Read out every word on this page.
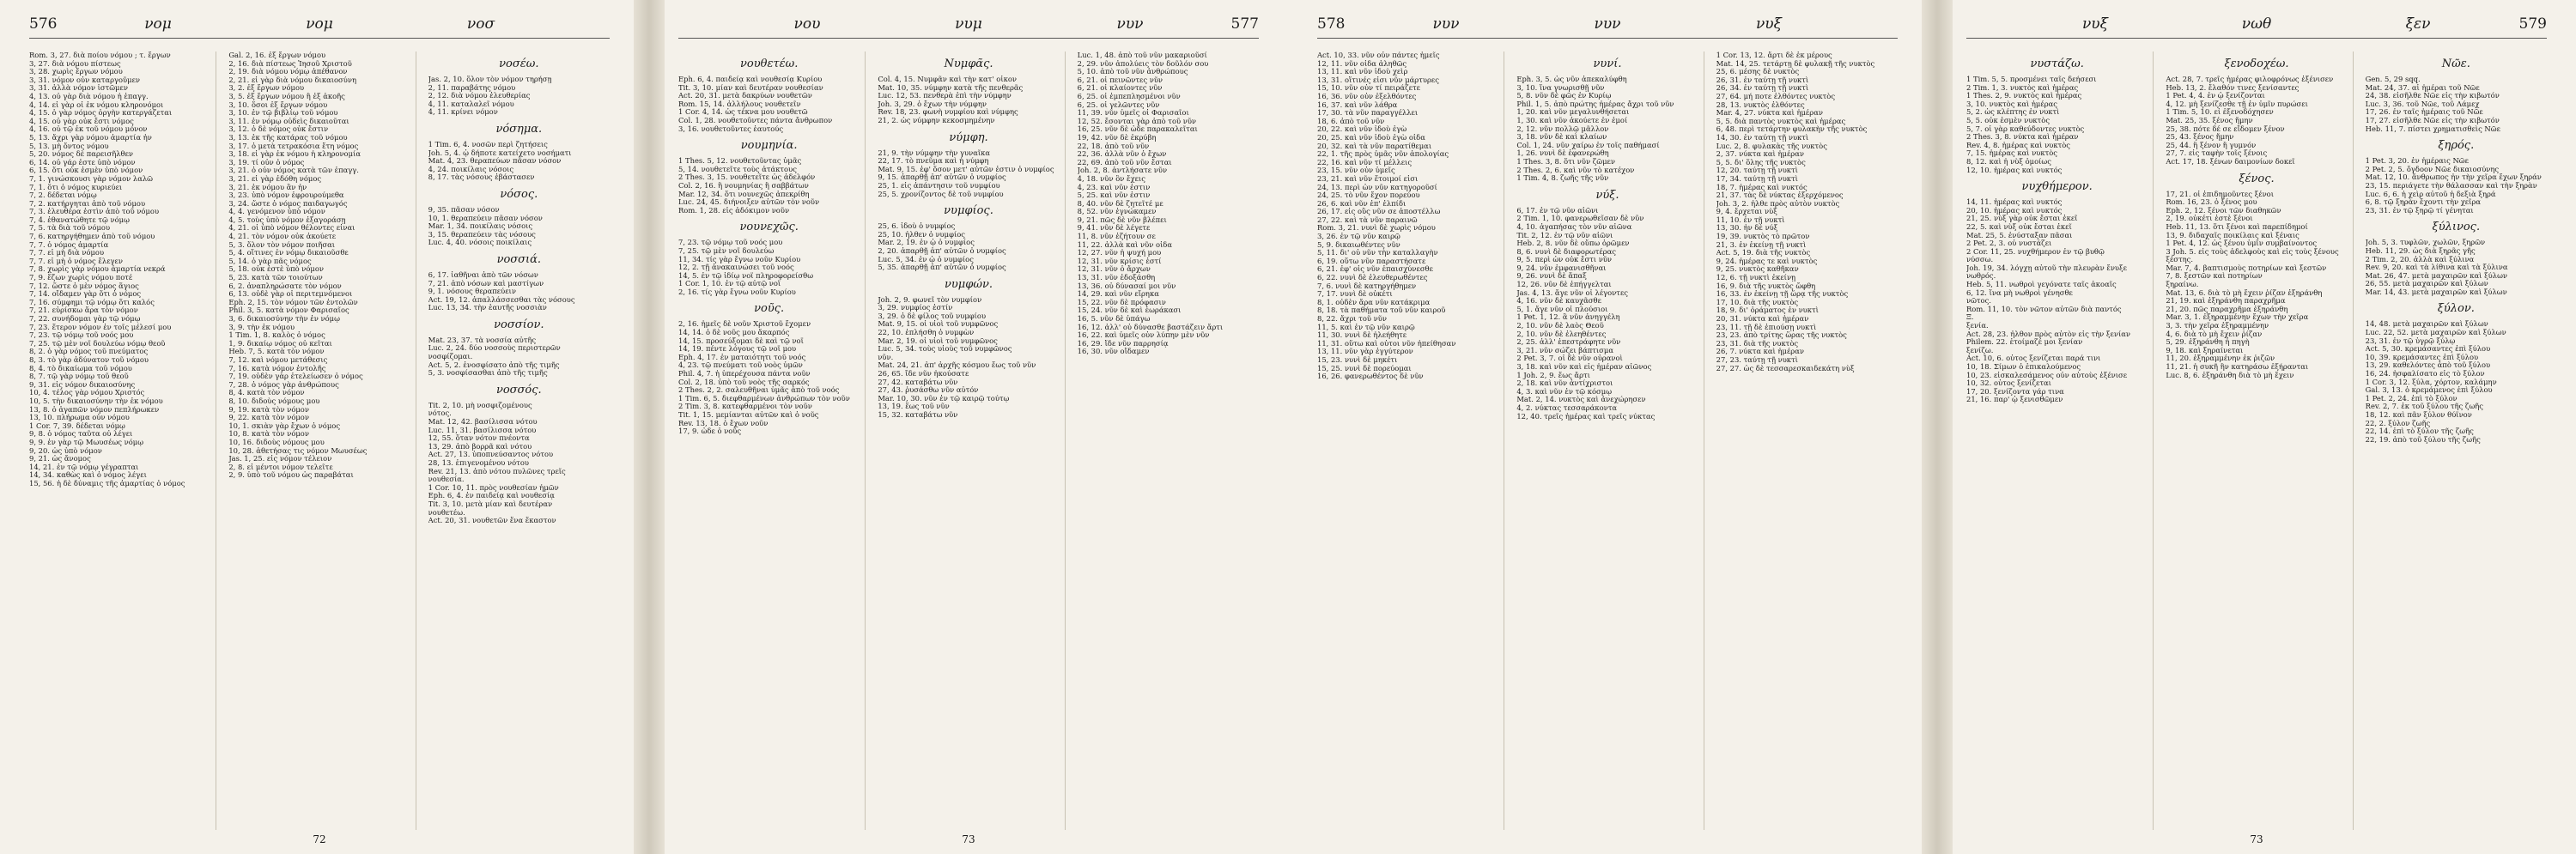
576	νομ	νομ	νοσ

Rom. 3, 27. διὰ ποίου νόμου ; τ. ἔργων

3, 27. διὰ νόμου πίστεως

3, 28. χωρὶς ἔργων νόμου

3, 31. νόμον οὖν καταργοῦμεν

3, 31. ἀλλὰ νόμον ἱστῶμεν

4, 13. οὐ γὰρ διὰ νόμου ἡ ἐπαγγ.

4, 14. εἰ γὰρ οἱ ἐκ νόμου κληρονόμοι

4, 15. ὁ γὰρ νόμος ὀργὴν κατεργάζεται

4, 15. οὗ γὰρ οὐκ ἔστι νόμος

4, 16. οὐ τῷ ἐκ τοῦ νόμου μόνον

5, 13. ἄχρι γὰρ νόμου ἁμαρτία ἦν

5, 13. μὴ ὄντος νόμου

5, 20. νόμος δὲ παρεισῆλθεν

6, 14. οὐ γάρ ἐστε ὑπὸ νόμον

6, 15. ὅτι οὐκ ἐσμὲν ὑπὸ νόμον

7, 1. γινώσκουσι γὰρ νόμον λαλῶ

7, 1. ὅτι ὁ νόμος κυριεύει

7, 2. δέδεται νόμῳ

7, 2. κατήργηται ἀπὸ τοῦ νόμου

7, 3. ἐλευθέρα ἐστὶν ἀπὸ τοῦ νόμου

7, 4. ἐθανατώθητε τῷ νόμῳ

7, 5. τὰ διὰ τοῦ νόμου

7, 6. κατηργήθημεν ἀπὸ τοῦ νόμου

7, 7. ὁ νόμος ἁμαρτία

7, 7. εἰ μὴ διὰ νόμου

7, 7. εἰ μὴ ὁ νόμος ἔλεγεν

7, 8. χωρὶς γὰρ νόμου ἁμαρτία νεκρά

7, 9. ἔζων χωρὶς νόμου ποτέ

7, 12. ὥστε ὁ μὲν νόμος ἅγιος

7, 14. οἴδαμεν γὰρ ὅτι ὁ νόμος

7, 16. σύμφημι τῷ νόμῳ ὅτι καλός

7, 21. εὑρίσκω ἄρα τὸν νόμον

7, 22. συνήδομαι γὰρ τῷ νόμῳ

7, 23. ἕτερον νόμον ἐν τοῖς μέλεσί μου

7, 23. τῷ νόμῳ τοῦ νοός μου

7, 25. τῷ μὲν νοῒ δουλεύω νόμῳ θεοῦ

8, 2. ὁ γὰρ νόμος τοῦ πνεύματος

8, 3. τὸ γὰρ ἀδύνατον τοῦ νόμου

8, 4. τὸ δικαίωμα τοῦ νόμου

8, 7. τῷ γὰρ νόμῳ τοῦ θεοῦ

9, 31. εἰς νόμον δικαιοσύνης

10, 4. τέλος γὰρ νόμου Χριστός

10, 5. τὴν δικαιοσύνην τὴν ἐκ νόμου

13, 8. ὁ ἀγαπῶν νόμον πεπλήρωκεν

13, 10. πλήρωμα οὖν νόμου

1 Cor. 7, 39. δέδεται νόμῳ

9, 8. ὁ νόμος ταῦτα οὐ λέγει

9, 9. ἐν γὰρ τῷ Μωυσέως νόμῳ

9, 20. ὡς ὑπὸ νόμον

9, 21. ὡς ἄνομος

14, 21. ἐν τῷ νόμῳ γέγραπται

14, 34. καθὼς καὶ ὁ νόμος λέγει

15, 56. ἡ δὲ δύναμις τῆς ἁμαρτίας ὁ νόμος

Gal. 2, 16. ἐξ ἔργων νόμου

2, 16. διὰ πίστεως Ἰησοῦ Χριστοῦ

2, 19. διὰ νόμου νόμῳ ἀπέθανον

2, 21. εἰ γὰρ διὰ νόμου δικαιοσύνη

3, 2. ἐξ ἔργων νόμου

3, 5. ἐξ ἔργων νόμου ἢ ἐξ ἀκοῆς

3, 10. ὅσοι ἐξ ἔργων νόμου

3, 10. ἐν τῷ βιβλίῳ τοῦ νόμου

3, 11. ἐν νόμῳ οὐδεὶς δικαιοῦται

3, 12. ὁ δὲ νόμος οὐκ ἔστιν

3, 13. ἐκ τῆς κατάρας τοῦ νόμου

3, 17. ὁ μετὰ τετρακόσια ἔτη νόμος

3, 18. εἰ γὰρ ἐκ νόμου ἡ κληρονομία

3, 19. τί οὖν ὁ νόμος

3, 21. ὁ οὖν νόμος κατὰ τῶν ἐπαγγ.

3, 21. εἰ γὰρ ἐδόθη νόμος

3, 21. ἐκ νόμου ἂν ἦν

3, 23. ὑπὸ νόμον ἐφρουρούμεθα

3, 24. ὥστε ὁ νόμος παιδαγωγός

4, 4. γενόμενον ὑπὸ νόμον

4, 5. τοὺς ὑπὸ νόμον ἐξαγοράσῃ

4, 21. οἱ ὑπὸ νόμον θέλοντες εἶναι

4, 21. τὸν νόμον οὐκ ἀκούετε

5, 3. ὅλον τὸν νόμον ποιῆσαι

5, 4. οἵτινες ἐν νόμῳ δικαιοῦσθε

5, 14. ὁ γὰρ πᾶς νόμος

5, 18. οὐκ ἐστὲ ὑπὸ νόμον

5, 23. κατὰ τῶν τοιούτων

6, 2. ἀναπληρώσατε τὸν νόμον

6, 13. οὐδὲ γὰρ οἱ περιτεμνόμενοι

Eph. 2, 15. τὸν νόμον τῶν ἐντολῶν

Phil. 3, 5. κατὰ νόμον Φαρισαῖος

3, 6. δικαιοσύνην τὴν ἐν νόμῳ

3, 9. τὴν ἐκ νόμου

1 Tim. 1, 8. καλὸς ὁ νόμος

1, 9. δικαίῳ νόμος οὐ κεῖται

Heb. 7, 5. κατὰ τὸν νόμον

7, 12. καὶ νόμου μετάθεσις

7, 16. κατὰ νόμον ἐντολῆς

7, 19. οὐδὲν γὰρ ἐτελείωσεν ὁ νόμος

7, 28. ὁ νόμος γὰρ ἀνθρώπους

8, 4. κατὰ τὸν νόμον

8, 10. διδοὺς νόμους μου

9, 19. κατὰ τὸν νόμον

9, 22. κατὰ τὸν νόμον

10, 1. σκιὰν γὰρ ἔχων ὁ νόμος

10, 8. κατὰ τὸν νόμον

10, 16. διδοὺς νόμους μου

10, 28. ἀθετήσας τις νόμον Μωυσέως

Jas. 1, 25. εἰς νόμον τέλειον

2, 8. εἰ μέντοι νόμον τελεῖτε

2, 9. ὑπὸ τοῦ νόμου ὡς παραβάται

νοσέω.

Jas. 2, 10. ὅλον τὸν νόμον τηρήσῃ

2, 11. παραβάτης νόμου

2, 12. διὰ νόμου ἐλευθερίας

4, 11. καταλαλεῖ νόμου

4, 11. κρίνει νόμον

νόσημα.

1 Tim. 6, 4. νοσῶν περὶ ζητήσεις

Joh. 5, 4. ᾧ δήποτε κατείχετο νοσήματι

Mat. 4, 23. θεραπεύων πᾶσαν νόσον

4, 24. ποικίλαις νόσοις

8, 17. τὰς νόσους ἐβάστασεν

νόσος.

9, 35. πᾶσαν νόσον

10, 1. θεραπεύειν πᾶσαν νόσον

Mar. 1, 34. ποικίλαις νόσοις

3, 15. θεραπεύειν τὰς νόσους

Luc. 4, 40. νόσοις ποικίλαις

νοσσιά.

6, 17. ἰαθῆναι ἀπὸ τῶν νόσων

7, 21. ἀπὸ νόσων καὶ μαστίγων

9, 1. νόσους θεραπεύειν

Act. 19, 12. ἀπαλλάσσεσθαι τὰς νόσους

Luc. 13, 34. τὴν ἑαυτῆς νοσσιὰν

νοσσίον.

Mat. 23, 37. τὰ νοσσία αὐτῆς

Luc. 2, 24. δύο νοσσοὺς περιστερῶν

νοσφίζομαι.

Act. 5, 2. ἐνοσφίσατο ἀπὸ τῆς τιμῆς

5, 3. νοσφίσασθαι ἀπὸ τῆς τιμῆς

νοσσός.

Tit. 2, 10. μὴ νοσφιζομένους

νότος.

Mat. 12, 42. βασίλισσα νότου

Luc. 11, 31. βασίλισσα νότου

12, 55. ὅταν νότον πνέοντα

13, 29. ἀπὸ βορρᾶ καὶ νότου

Act. 27, 13. ὑποπνεύσαντος νότου

28, 13. ἐπιγενομένου νότου

Rev. 21, 13. ἀπὸ νότου πυλῶνες τρεῖς

νουθεσία.

1 Cor. 10, 11. πρὸς νουθεσίαν ἡμῶν

Eph. 6, 4. ἐν παιδείᾳ καὶ νουθεσίᾳ

Tit. 3, 10. μετὰ μίαν καὶ δευτέραν

νουθετέω.

Act. 20, 31. νουθετῶν ἕνα ἕκαστον

72
577
νου	νυμ	νυν
νουθετέω.

Eph. 6, 4. παιδείᾳ καὶ νουθεσίᾳ Κυρίου

Tit. 3, 10. μίαν καὶ δευτέραν νουθεσίαν

Act. 20, 31. μετὰ δακρύων νουθετῶν

Rom. 15, 14. ἀλλήλους νουθετεῖν

1 Cor. 4, 14. ὡς τέκνα μου νουθετῶ

Col. 1, 28. νουθετοῦντες πάντα ἄνθρωπον

3, 16. νουθετοῦντες ἑαυτούς

νουμηνία.

1 Thes. 5, 12. νουθετοῦντας ὑμᾶς

5, 14. νουθετεῖτε τοὺς ἀτάκτους

2 Thes. 3, 15. νουθετεῖτε ὡς ἀδελφόν

Col. 2, 16. ἢ νουμηνίας ἢ σαββάτων

Mar. 12, 34. ὅτι νουνεχῶς ἀπεκρίθη

Luc. 24, 45. διήνοιξεν αὐτῶν τὸν νοῦν

Rom. 1, 28. εἰς ἀδόκιμον νοῦν

νουνεχῶς.

7, 23. τῷ νόμῳ τοῦ νοός μου

7, 25. τῷ μὲν νοῒ δουλεύω

11, 34. τίς γὰρ ἔγνω νοῦν Κυρίου

12, 2. τῇ ἀνακαινώσει τοῦ νοός

14, 5. ἐν τῷ ἰδίῳ νοῒ πληροφορείσθω

1 Cor. 1, 10. ἐν τῷ αὐτῷ νοΐ

2, 16. τίς γὰρ ἔγνω νοῦν Κυρίου

νοῦς.

2, 16. ἡμεῖς δὲ νοῦν Χριστοῦ ἔχομεν

14, 14. ὁ δὲ νοῦς μου ἄκαρπός

14, 15. προσεύξομαι δὲ καὶ τῷ νοΐ

14, 19. πέντε λόγους τῷ νοΐ μου

Eph. 4, 17. ἐν ματαιότητι τοῦ νοός

4, 23. τῷ πνεύματι τοῦ νοὸς ὑμῶν

Phil. 4, 7. ἡ ὑπερέχουσα πάντα νοῦν

Col. 2, 18. ὑπὸ τοῦ νοὸς τῆς σαρκός

2 Thes. 2, 2. σαλευθῆναι ὑμᾶς ἀπὸ τοῦ νοός

1 Tim. 6, 5. διεφθαρμένων ἀνθρώπων τὸν νοῦν

2 Tim. 3, 8. κατεφθαρμένοι τὸν νοῦν

Tit. 1, 15. μεμίανται αὐτῶν καὶ ὁ νοῦς

Rev. 13, 18. ὁ ἔχων νοῦν

17, 9. ὧδε ὁ νοῦς

Νυμφᾶς.

Col. 4, 15. Νυμφᾶν καὶ τὴν κατ' οἶκον

Mat. 10, 35. νύμφην κατὰ τῆς πενθερᾶς

Luc. 12, 53. πενθερὰ ἐπὶ τὴν νύμφην

Joh. 3, 29. ὁ ἔχων τὴν νύμφην

Rev. 18, 23. φωνὴ νυμφίου καὶ νύμφης

21, 2. ὡς νύμφην κεκοσμημένην

νύμφη.

21, 9. τὴν νύμφην τὴν γυναῖκα

22, 17. τὸ πνεῦμα καὶ ἡ νύμφη

Mat. 9, 15. ἐφ' ὅσον μετ' αὐτῶν ἐστιν ὁ νυμφίος

9, 15. ἀπαρθῇ ἀπ' αὐτῶν ὁ νυμφίος

25, 1. εἰς ἀπάντησιν τοῦ νυμφίου

25, 5. χρονίζοντος δὲ τοῦ νυμφίου

νυμφίος.

25, 6. ἰδοὺ ὁ νυμφίος

25, 10. ἦλθεν ὁ νυμφίος

Mar. 2, 19. ἐν ᾧ ὁ νυμφίος

2, 20. ἀπαρθῇ ἀπ' αὐτῶν ὁ νυμφίος

Luc. 5, 34. ἐν ᾧ ὁ νυμφίος

5, 35. ἀπαρθῇ ἀπ' αὐτῶν ὁ νυμφίος

νυμφών.

Joh. 2, 9. φωνεῖ τὸν νυμφίον

3, 29. νυμφίος ἐστίν

3, 29. ὁ δὲ φίλος τοῦ νυμφίου

Mat. 9, 15. οἱ υἱοὶ τοῦ νυμφῶνος

22, 10. ἐπλήσθη ὁ νυμφὼν

Mar. 2, 19. οἱ υἱοὶ τοῦ νυμφῶνος

Luc. 5, 34. τοὺς υἱοὺς τοῦ νυμφῶνος

νῦν.

Mat. 24, 21. ἀπ' ἀρχῆς κόσμου ἕως τοῦ νῦν

26, 65. ἴδε νῦν ἠκούσατε

27, 42. καταβάτω νῦν

27, 43. ῥυσάσθω νῦν αὐτόν

Mar. 10, 30. νῦν ἐν τῷ καιρῷ τούτῳ

13, 19. ἕως τοῦ νῦν

15, 32. καταβάτω νῦν

Luc. 1, 48. ἀπὸ τοῦ νῦν μακαριοῦσί

2, 29. νῦν ἀπολύεις τὸν δοῦλόν σου

5, 10. ἀπὸ τοῦ νῦν ἀνθρώπους

6, 21. οἱ πεινῶντες νῦν

6, 21. οἱ κλαίοντες νῦν

6, 25. οἱ ἐμπεπλησμένοι νῦν

6, 25. οἱ γελῶντες νῦν

11, 39. νῦν ὑμεῖς οἱ Φαρισαῖοι

12, 52. ἔσονται γὰρ ἀπὸ τοῦ νῦν

16, 25. νῦν δὲ ὧδε παρακαλεῖται

19, 42. νῦν δὲ ἐκρύβη

22, 18. ἀπὸ τοῦ νῦν

22, 36. ἀλλὰ νῦν ὁ ἔχων

22, 69. ἀπὸ τοῦ νῦν ἔσται

Joh. 2, 8. ἀντλήσατε νῦν

4, 18. νῦν ὃν ἔχεις

4, 23. καὶ νῦν ἐστιν

5, 25. καὶ νῦν ἐστιν

8, 40. νῦν δὲ ζητεῖτέ με

8, 52. νῦν ἐγνώκαμεν

9, 21. πῶς δὲ νῦν βλέπει

9, 41. νῦν δὲ λέγετε

11, 8. νῦν ἐζήτουν σε

11, 22. ἀλλὰ καὶ νῦν οἶδα

12, 27. νῦν ἡ ψυχή μου

12, 31. νῦν κρίσις ἐστί

12, 31. νῦν ὁ ἄρχων

13, 31. νῦν ἐδοξάσθη

13, 36. οὐ δύνασαί μοι νῦν

14, 29. καὶ νῦν εἴρηκα

15, 22. νῦν δὲ πρόφασιν

15, 24. νῦν δὲ καὶ ἑωράκασι

16, 5. νῦν δὲ ὑπάγω

16, 12. ἀλλ' οὐ δύνασθε βαστάζειν ἄρτι

16, 22. καὶ ὑμεῖς οὖν λύπην μὲν νῦν

16, 29. ἴδε νῦν παρρησίᾳ

16, 30. νῦν οἴδαμεν

73
578	νυν	νυν	νυξ

Act. 10, 33. νῦν οὖν πάντες ἡμεῖς

12, 11. νῦν οἶδα ἀληθῶς

13, 11. καὶ νῦν ἰδοὺ χεὶρ

13, 31. οἵτινές εἰσι νῦν μάρτυρες

15, 10. νῦν οὖν τί πειράζετε

16, 36. νῦν οὖν ἐξελθόντες

16, 37. καὶ νῦν λάθρα

17, 30. τὰ νῦν παραγγέλλει

18, 6. ἀπὸ τοῦ νῦν

20, 22. καὶ νῦν ἰδοὺ ἐγὼ

20, 25. καὶ νῦν ἰδοὺ ἐγὼ οἶδα

20, 32. καὶ τὰ νῦν παρατίθεμαι

22, 1. τῆς πρὸς ὑμᾶς νῦν ἀπολογίας

22, 16. καὶ νῦν τί μέλλεις

23, 15. νῦν οὖν ὑμεῖς

23, 21. καὶ νῦν ἕτοιμοί εἰσι

24, 13. περὶ ὧν νῦν κατηγοροῦσί

24, 25. τὸ νῦν ἔχον πορεύου

26, 6. καὶ νῦν ἐπ' ἐλπίδι

26, 17. εἰς οὓς νῦν σε ἀποστέλλω

27, 22. καὶ τὰ νῦν παραινῶ

Rom. 3, 21. νυνὶ δὲ χωρὶς νόμου

3, 26. ἐν τῷ νῦν καιρῷ

5, 9. δικαιωθέντες νῦν

5, 11. δι' οὗ νῦν τὴν καταλλαγὴν

6, 19. οὕτω νῦν παραστήσατε

6, 21. ἐφ' οἷς νῦν ἐπαισχύνεσθε

6, 22. νυνὶ δὲ ἐλευθερωθέντες

7, 6. νυνὶ δὲ κατηργήθημεν

7, 17. νυνὶ δὲ οὐκέτι

8, 1. οὐδὲν ἄρα νῦν κατάκριμα

8, 18. τὰ παθήματα τοῦ νῦν καιροῦ

8, 22. ἄχρι τοῦ νῦν

11, 5. καὶ ἐν τῷ νῦν καιρῷ

11, 30. νυνὶ δὲ ἠλεήθητε

11, 31. οὕτω καὶ οὗτοι νῦν ἠπείθησαν

13, 11. νῦν γὰρ ἐγγύτερον

15, 23. νυνὶ δὲ μηκέτι

15, 25. νυνὶ δὲ πορεύομαι

16, 26. φανερωθέντος δὲ νῦν

νυνί.

Eph. 3, 5. ὡς νῦν ἀπεκαλύφθη

3, 10. ἵνα γνωρισθῇ νῦν

5, 8. νῦν δὲ φῶς ἐν Κυρίῳ

Phil. 1, 5. ἀπὸ πρώτης ἡμέρας ἄχρι τοῦ νῦν

1, 20. καὶ νῦν μεγαλυνθήσεται

1, 30. καὶ νῦν ἀκούετε ἐν ἐμοί

2, 12. νῦν πολλῷ μᾶλλον

3, 18. νῦν δὲ καὶ κλαίων

Col. 1, 24. νῦν χαίρω ἐν τοῖς παθήμασί

1, 26. νυνὶ δὲ ἐφανερώθη

1 Thes. 3, 8. ὅτι νῦν ζῶμεν

2 Thes. 2, 6. καὶ νῦν τὸ κατέχον

1 Tim. 4, 8. ζωῆς τῆς νῦν

νύξ.

6, 17. ἐν τῷ νῦν αἰῶνι

2 Tim. 1, 10. φανερωθεῖσαν δὲ νῦν

4, 10. ἀγαπήσας τὸν νῦν αἰῶνα

Tit. 2, 12. ἐν τῷ νῦν αἰῶνι

Heb. 2, 8. νῦν δὲ οὔπω ὁρῶμεν

8, 6. νυνὶ δὲ διαφορωτέρας

9, 5. περὶ ὧν οὐκ ἔστι νῦν

9, 24. νῦν ἐμφανισθῆναι

9, 26. νυνὶ δὲ ἅπαξ

12, 26. νῦν δὲ ἐπήγγελται

Jas. 4, 13. ἄγε νῦν οἱ λέγοντες

4, 16. νῦν δὲ καυχᾶσθε

5, 1. ἄγε νῦν οἱ πλούσιοι

1 Pet. 1, 12. ἃ νῦν ἀνηγγέλη

2, 10. νῦν δὲ λαὸς Θεοῦ

2, 10. νῦν δὲ ἐλεηθέντες

2, 25. ἀλλ' ἐπεστράφητε νῦν

3, 21. νῦν σώζει βάπτισμα

2 Pet. 3, 7. οἱ δὲ νῦν οὐρανοὶ

3, 18. καὶ νῦν καὶ εἰς ἡμέραν αἰῶνος

1 Joh. 2, 9. ἕως ἄρτι

2, 18. καὶ νῦν ἀντίχριστοι

4, 3. καὶ νῦν ἐν τῷ κόσμῳ

Mat. 2, 14. νυκτὸς καὶ ἀνεχώρησεν

4, 2. νύκτας τεσσαράκοντα

12, 40. τρεῖς ἡμέρας καὶ τρεῖς νύκτας

1 Cor. 13, 12. ἄρτι δὲ ἐκ μέρους

Mat. 14, 25. τετάρτῃ δὲ φυλακῇ τῆς νυκτὸς

25, 6. μέσης δὲ νυκτὸς

26, 31. ἐν ταύτῃ τῇ νυκτὶ

26, 34. ἐν ταύτῃ τῇ νυκτὶ

27, 64. μή ποτε ἐλθόντες νυκτὸς

28, 13. νυκτὸς ἐλθόντες

Mar. 4, 27. νύκτα καὶ ἡμέραν

5, 5. διὰ παντὸς νυκτὸς καὶ ἡμέρας

6, 48. περὶ τετάρτην φυλακὴν τῆς νυκτὸς

14, 30. ἐν ταύτῃ τῇ νυκτὶ

Luc. 2, 8. φυλακὰς τῆς νυκτὸς

2, 37. νύκτα καὶ ἡμέραν

5, 5. δι' ὅλης τῆς νυκτὸς

12, 20. ταύτῃ τῇ νυκτὶ

17, 34. ταύτῃ τῇ νυκτὶ

18, 7. ἡμέρας καὶ νυκτός

21, 37. τὰς δὲ νύκτας ἐξερχόμενος

Joh. 3, 2. ἦλθε πρὸς αὐτὸν νυκτὸς

9, 4. ἔρχεται νὺξ

11, 10. ἐν τῇ νυκτὶ

13, 30. ἦν δὲ νύξ

19, 39. νυκτὸς τὸ πρῶτον

21, 3. ἐν ἐκείνῃ τῇ νυκτὶ

Act. 5, 19. διὰ τῆς νυκτὸς

9, 24. ἡμέρας τε καὶ νυκτὸς

9, 25. νυκτὸς καθῆκαν

12, 6. τῇ νυκτὶ ἐκείνῃ

16, 9. διὰ τῆς νυκτὸς ὤφθη

16, 33. ἐν ἐκείνῃ τῇ ὥρᾳ τῆς νυκτὸς

17, 10. διὰ τῆς νυκτὸς

18, 9. δι' ὁράματος ἐν νυκτὶ

20, 31. νύκτα καὶ ἡμέραν

23, 11. τῇ δὲ ἐπιούσῃ νυκτὶ

23, 23. ἀπὸ τρίτης ὥρας τῆς νυκτὸς

23, 31. διὰ τῆς νυκτὸς

26, 7. νύκτα καὶ ἡμέραν

27, 23. ταύτῃ τῇ νυκτὶ

27, 27. ὡς δὲ τεσσαρεσκαιδεκάτη νὺξ

579
νυξ	νωθ	ξεν
νυστάζω.

1 Tim. 5, 5. προσμένει ταῖς δεήσεσι

2 Tim. 1, 3. νυκτὸς καὶ ἡμέρας

1 Thes. 2, 9. νυκτὸς καὶ ἡμέρας

3, 10. νυκτὸς καὶ ἡμέρας

5, 2. ὡς κλέπτης ἐν νυκτὶ

5, 5. οὐκ ἐσμὲν νυκτὸς

5, 7. οἱ γὰρ καθεύδοντες νυκτὸς

2 Thes. 3, 8. νύκτα καὶ ἡμέραν

Rev. 4, 8. ἡμέρας καὶ νυκτὸς

7, 15. ἡμέρας καὶ νυκτὸς

8, 12. καὶ ἡ νὺξ ὁμοίως

12, 10. ἡμέρας καὶ νυκτός

νυχθήμερον.

14, 11. ἡμέρας καὶ νυκτός

20, 10. ἡμέρας καὶ νυκτός

21, 25. νὺξ γὰρ οὐκ ἔσται ἐκεῖ

22, 5. καὶ νὺξ οὐκ ἔσται ἐκεῖ

Mat. 25, 5. ἐνύσταξαν πᾶσαι

2 Pet. 2, 3. οὐ νυστάζει

2 Cor. 11, 25. νυχθήμερον ἐν τῷ βυθῷ

νύσσω.

Joh. 19, 34. λόγχῃ αὐτοῦ τὴν πλευρὰν ἔνυξε

νωθρός.

Heb. 5, 11. νωθροὶ γεγόνατε ταῖς ἀκοαῖς

6, 12. ἵνα μὴ νωθροὶ γένησθε

νῶτος.

Rom. 11, 10. τὸν νῶτον αὐτῶν διὰ παντός

Ξ.

ξενία.

Act. 28, 23. ἦλθον πρὸς αὐτὸν εἰς τὴν ξενίαν

Philem. 22. ἑτοίμαζέ μοι ξενίαν

ξενίζω.

Act. 10, 6. οὗτος ξενίζεται παρά τινι

10, 18. Σίμων ὁ ἐπικαλούμενος

10, 23. εἰσκαλεσάμενος οὖν αὐτοὺς ἐξένισε

10, 32. οὗτος ξενίζεται

17, 20. ξενίζοντα γάρ τινα

21, 16. παρ' ᾧ ξενισθῶμεν

ξενοδοχέω.

Act. 28, 7. τρεῖς ἡμέρας φιλοφρόνως ἐξένισεν

Heb. 13, 2. ἔλαθόν τινες ξενίσαντες

1 Pet. 4, 4. ἐν ᾧ ξενίζονται

4, 12. μὴ ξενίζεσθε τῇ ἐν ὑμῖν πυρώσει

1 Tim. 5, 10. εἰ ἐξενοδόχησεν

Mat. 25, 35. ξένος ἤμην

25, 38. πότε δέ σε εἴδομεν ξένον

25, 43. ξένος ἤμην

25, 44. ἢ ξένον ἢ γυμνόν

27, 7. εἰς ταφὴν τοῖς ξένοις

Act. 17, 18. ξένων δαιμονίων δοκεῖ

ξένος.

17, 21. οἱ ἐπιδημοῦντες ξένοι

Rom. 16, 23. ὁ ξένος μου

Eph. 2, 12. ξένοι τῶν διαθηκῶν

2, 19. οὐκέτι ἐστὲ ξένοι

Heb. 11, 13. ὅτι ξένοι καὶ παρεπίδημοί

13, 9. διδαχαῖς ποικίλαις καὶ ξέναις

1 Pet. 4, 12. ὡς ξένου ὑμῖν συμβαίνοντος

3 Joh. 5. εἰς τοὺς ἀδελφοὺς καὶ εἰς τοὺς ξένους

ξέστης.

Mar. 7, 4. βαπτισμοὺς ποτηρίων καὶ ξεστῶν

7, 8. ξεστῶν καὶ ποτηρίων

ξηραίνω.

Mat. 13, 6. διὰ τὸ μὴ ἔχειν ῥίζαν ἐξηράνθη

21, 19. καὶ ἐξηράνθη παραχρῆμα

21, 20. πῶς παραχρῆμα ἐξηράνθη

Mar. 3, 1. ἐξηραμμένην ἔχων τὴν χεῖρα

3, 3. τὴν χεῖρα ἐξηραμμένην

4, 6. διὰ τὸ μὴ ἔχειν ῥίζαν

5, 29. ἐξηράνθη ἡ πηγὴ

9, 18. καὶ ξηραίνεται

11, 20. ἐξηραμμένην ἐκ ῥιζῶν

11, 21. ἡ συκῆ ἣν κατηράσω ἐξήρανται

Luc. 8, 6. ἐξηράνθη διὰ τὸ μὴ ἔχειν

Νῶε.

Gen. 5, 29 sqq.

Mat. 24, 37. αἱ ἡμέραι τοῦ Νῶε

24, 38. εἰσῆλθε Νῶε εἰς τὴν κιβωτόν

Luc. 3, 36. τοῦ Νῶε, τοῦ Λάμεχ

17, 26. ἐν ταῖς ἡμέραις τοῦ Νῶε

17, 27. εἰσῆλθε Νῶε εἰς τὴν κιβωτόν

Heb. 11, 7. πίστει χρηματισθεὶς Νῶε

ξηρός.

1 Pet. 3, 20. ἐν ἡμέραις Νῶε

2 Pet. 2, 5. ὄγδοον Νῶε δικαιοσύνης

Mat. 12, 10. ἄνθρωπος ἦν τὴν χεῖρα ἔχων ξηράν

23, 15. περιάγετε τὴν θάλασσαν καὶ τὴν ξηρὰν

Luc. 6, 6. ἡ χεὶρ αὐτοῦ ἡ δεξιὰ ξηρά

6, 8. τῷ ξηρὰν ἔχοντι τὴν χεῖρα

23, 31. ἐν τῷ ξηρῷ τί γένηται

ξύλινος.

Joh. 5, 3. τυφλῶν, χωλῶν, ξηρῶν

Heb. 11, 29. ὡς διὰ ξηρᾶς γῆς

2 Tim. 2, 20. ἀλλὰ καὶ ξύλινα

Rev. 9, 20. καὶ τὰ λίθινα καὶ τὰ ξύλινα

Mat. 26, 47. μετὰ μαχαιρῶν καὶ ξύλων

26, 55. μετὰ μαχαιρῶν καὶ ξύλων

Mar. 14, 43. μετὰ μαχαιρῶν καὶ ξύλων

ξύλον.

14, 48. μετὰ μαχαιρῶν καὶ ξύλων

Luc. 22, 52. μετὰ μαχαιρῶν καὶ ξύλων

23, 31. ἐν τῷ ὑγρῷ ξύλῳ

Act. 5, 30. κρεμάσαντες ἐπὶ ξύλου

10, 39. κρεμάσαντες ἐπὶ ξύλου

13, 29. καθελόντες ἀπὸ τοῦ ξύλου

16, 24. ἠσφαλίσατο εἰς τὸ ξύλον

1 Cor. 3, 12. ξύλα, χόρτον, καλάμην

Gal. 3, 13. ὁ κρεμάμενος ἐπὶ ξύλου

1 Pet. 2, 24. ἐπὶ τὸ ξύλον

Rev. 2, 7. ἐκ τοῦ ξύλου τῆς ζωῆς

18, 12. καὶ πᾶν ξύλον θύϊνον

22, 2. ξύλον ζωῆς

22, 14. ἐπὶ τὸ ξύλον τῆς ζωῆς

22, 19. ἀπὸ τοῦ ξύλου τῆς ζωῆς

73
